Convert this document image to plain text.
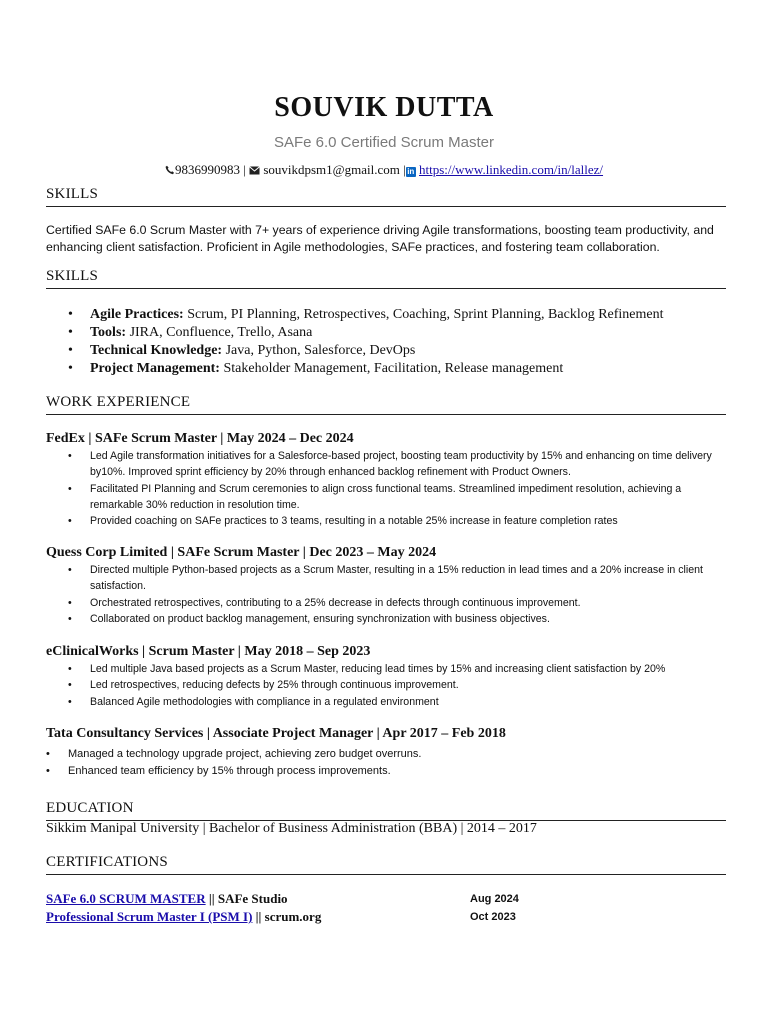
SOUVIK DUTTA
SAFe 6.0 Certified Scrum Master
9836990983 |  souvikdpsm1@gmail.com |in https://www.linkedin.com/in/lallez/
SKILLS
Certified SAFe 6.0 Scrum Master with 7+ years of experience driving Agile transformations, boosting team productivity, and enhancing client satisfaction. Proficient in Agile methodologies, SAFe practices, and fostering team collaboration.
SKILLS
• Agile Practices: Scrum, PI Planning, Retrospectives, Coaching, Sprint Planning, Backlog Refinement
• Tools: JIRA, Confluence, Trello, Asana
• Technical Knowledge: Java, Python, Salesforce, DevOps
• Project Management: Stakeholder Management, Facilitation, Release management
WORK EXPERIENCE
FedEx | SAFe Scrum Master | May 2024 – Dec 2024
• Led Agile transformation initiatives for a Salesforce-based project, boosting team productivity by 15% and enhancing on time delivery by10%. Improved sprint efficiency by 20% through enhanced backlog refinement with Product Owners.
• Facilitated PI Planning and Scrum ceremonies to align cross functional teams. Streamlined impediment resolution, achieving a remarkable 30% reduction in resolution time.
• Provided coaching on SAFe practices to 3 teams, resulting in a notable 25% increase in feature completion rates
Quess Corp Limited | SAFe Scrum Master | Dec 2023 – May 2024
• Directed multiple Python-based projects as a Scrum Master, resulting in a 15% reduction in lead times and a 20% increase in client satisfaction.
• Orchestrated retrospectives, contributing to a 25% decrease in defects through continuous improvement.
• Collaborated on product backlog management, ensuring synchronization with business objectives.
eClinicalWorks | Scrum Master | May 2018 – Sep 2023
• Led multiple Java based projects as a Scrum Master, reducing lead times by 15% and increasing client satisfaction by 20%
• Led retrospectives, reducing defects by 25% through continuous improvement.
• Balanced Agile methodologies with compliance in a regulated environment
Tata Consultancy Services | Associate Project Manager | Apr 2017 – Feb 2018
• Managed a technology upgrade project, achieving zero budget overruns.
• Enhanced team efficiency by 15% through process improvements.
EDUCATION
Sikkim Manipal University | Bachelor of Business Administration (BBA) | 2014 – 2017
CERTIFICATIONS
SAFe 6.0 SCRUM MASTER || SAFe Studio	Aug 2024
Professional Scrum Master I (PSM I) || scrum.org	Oct 2023
